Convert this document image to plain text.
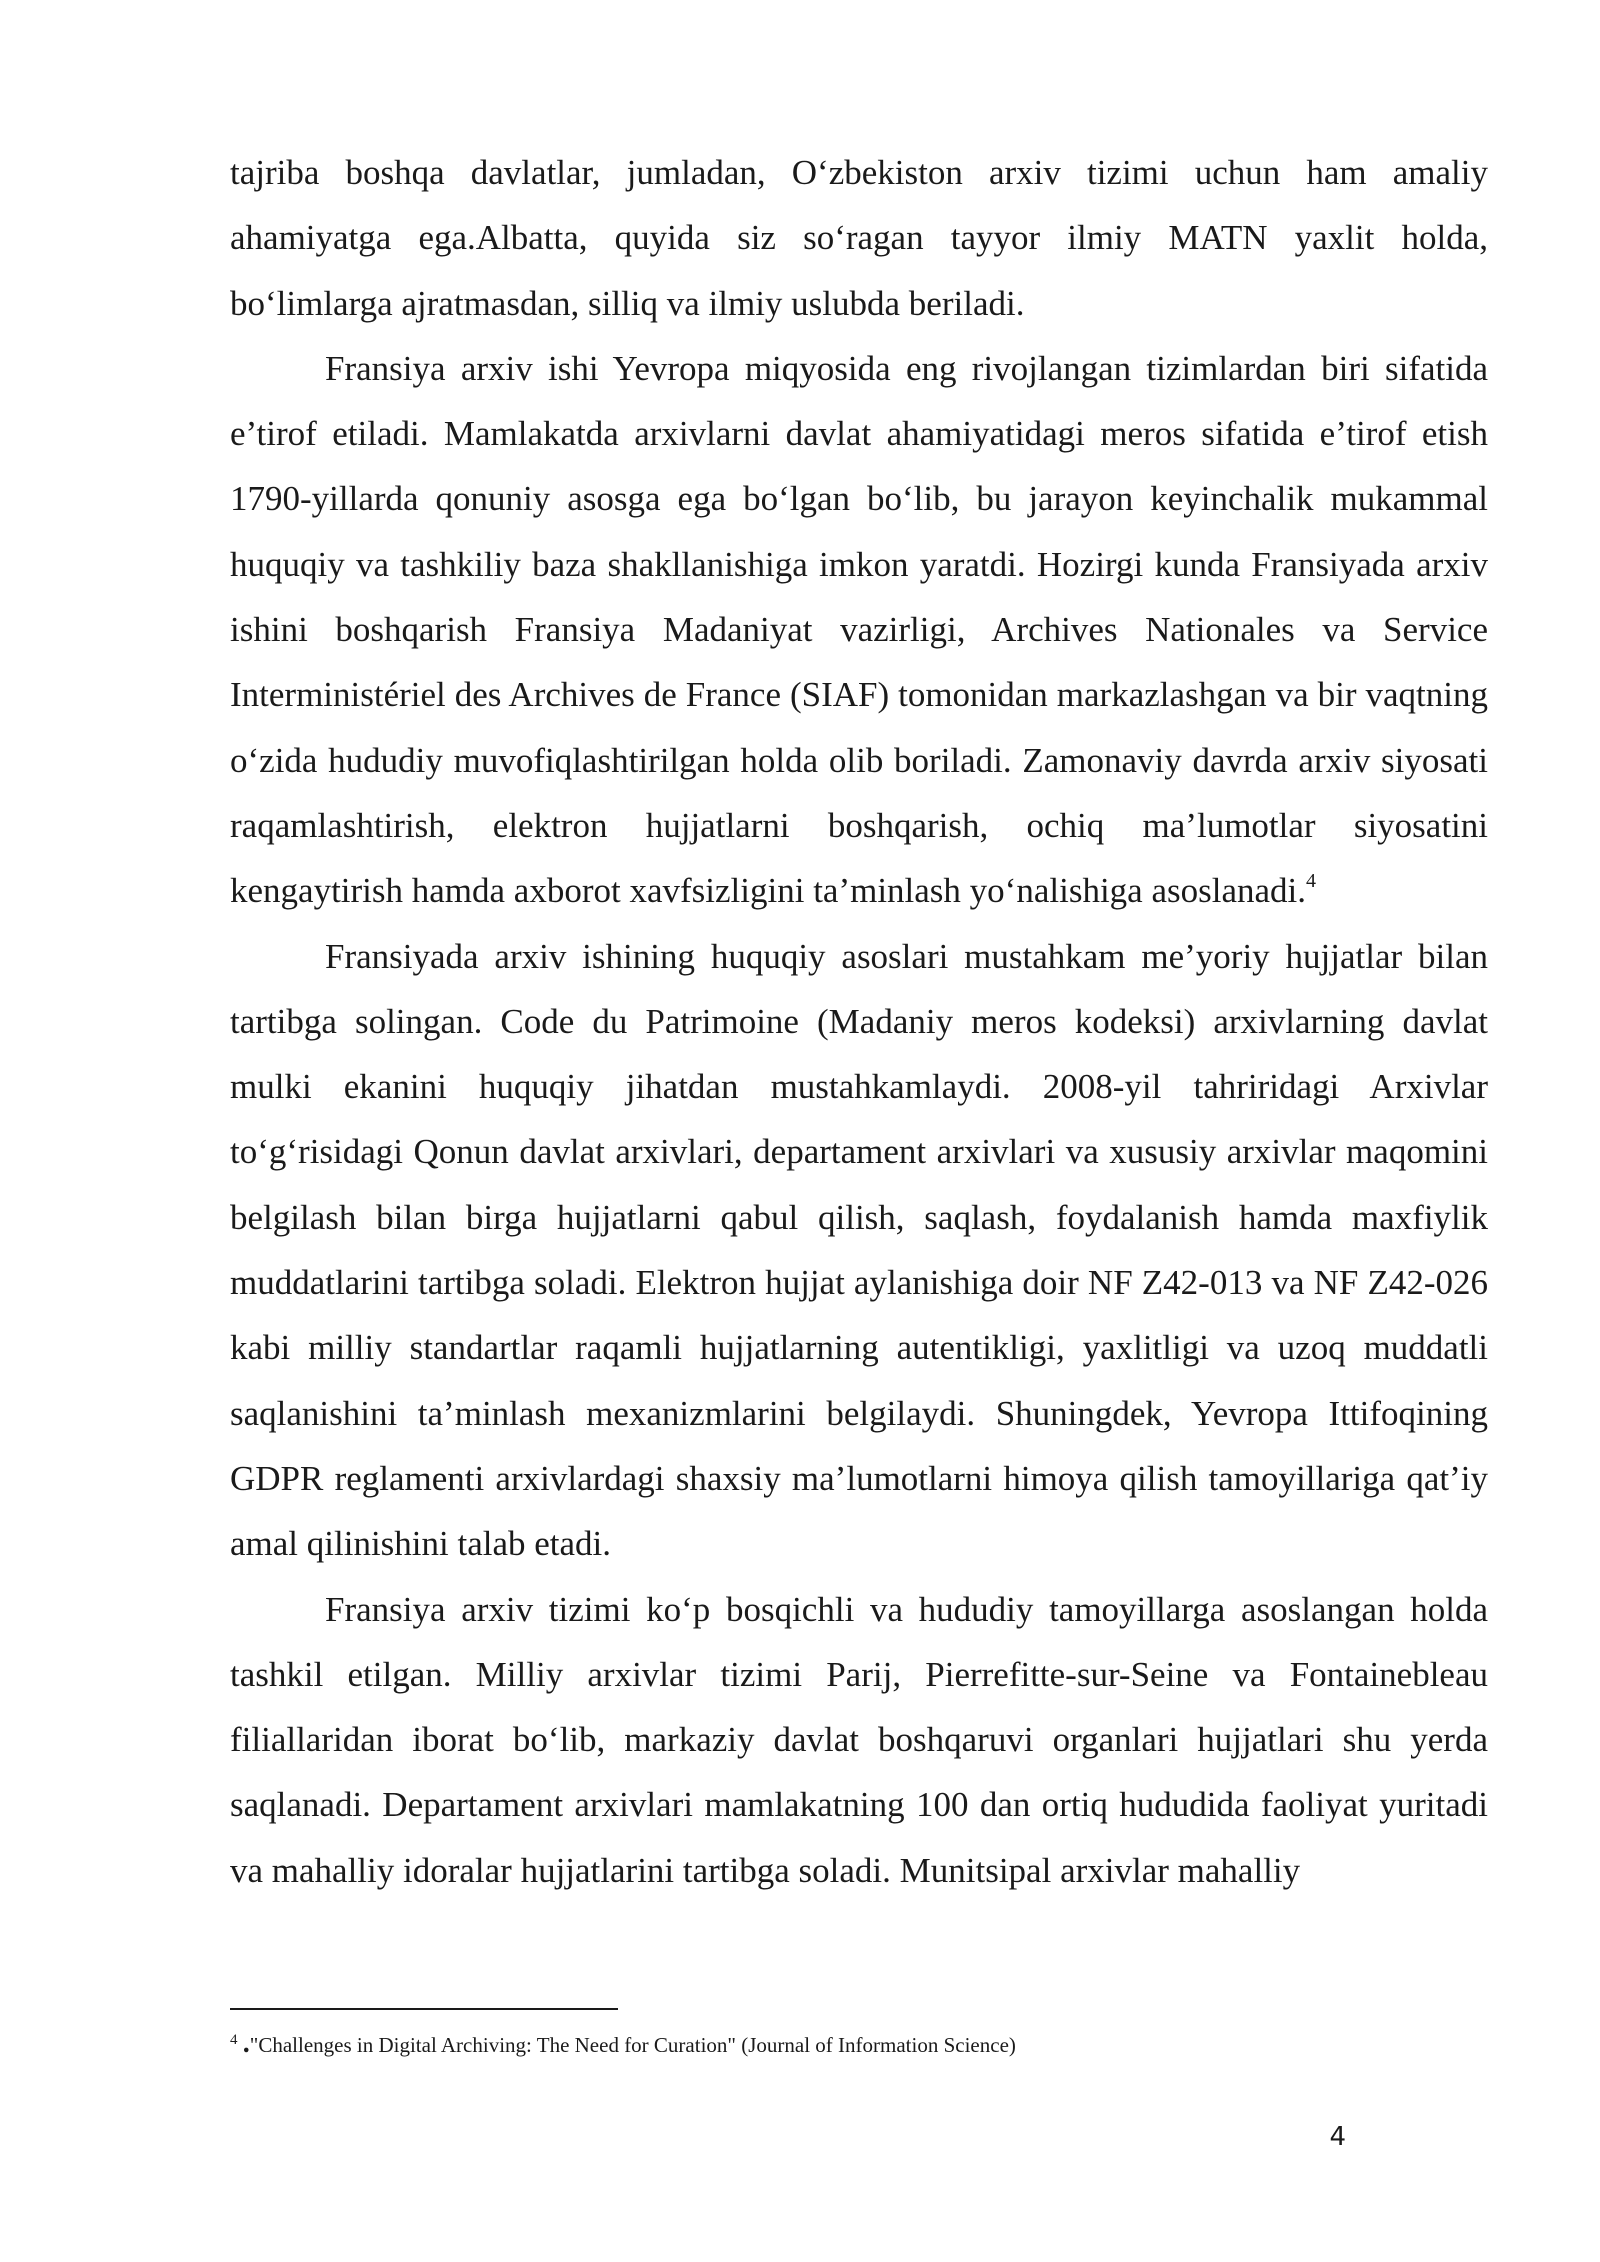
tajriba boshqa davlatlar, jumladan, O‘zbekiston arxiv tizimi uchun ham amaliy ahamiyatga ega.Albatta, quyida siz so‘ragan tayyor ilmiy MATN yaxlit holda, bo‘limlarga ajratmasdan, silliq va ilmiy uslubda beriladi.

Fransiya arxiv ishi Yevropa miqyosida eng rivojlangan tizimlardan biri sifatida e’tirof etiladi. Mamlakatda arxivlarni davlat ahamiyatidagi meros sifatida e’tirof etish 1790-yillarda qonuniy asosga ega bo‘lgan bo‘lib, bu jarayon keyinchalik mukammal huquqiy va tashkiliy baza shakllanishiga imkon yaratdi. Hozirgi kunda Fransiyada arxiv ishini boshqarish Fransiya Madaniyat vazirligi, Archives Nationales va Service Interministériel des Archives de France (SIAF) tomonidan markazlashgan va bir vaqtning o‘zida hududiy muvofiqlashtirilgan holda olib boriladi. Zamonaviy davrda arxiv siyosati raqamlashtirish, elektron hujjatlarni boshqarish, ochiq ma’lumotlar siyosatini kengaytirish hamda axborot xavfsizligini ta’minlash yo‘nalishiga asoslanadi.$^4$

Fransiyada arxiv ishining huquqiy asoslari mustahkam me’yoriy hujjatlar bilan tartibga solingan. Code du Patrimoine (Madaniy meros kodeksi) arxivlarning davlat mulki ekanini huquqiy jihatdan mustahkamlaydi. 2008-yil tahriridagi Arxivlar to‘g‘risidagi Qonun davlat arxivlari, departament arxivlari va xususiy arxivlar maqomini belgilash bilan birga hujjatlarni qabul qilish, saqlash, foydalanish hamda maxfiylik muddatlarini tartibga soladi. Elektron hujjat aylanishiga doir NF Z42-013 va NF Z42-026 kabi milliy standartlar raqamli hujjatlarning autentikligi, yaxlitligi va uzoq muddatli saqlanishini ta’minlash mexanizmlarini belgilaydi. Shuningdek, Yevropa Ittifoqining GDPR reglamenti arxivlardagi shaxsiy ma’lumotlarni himoya qilish tamoyillariga qat’iy amal qilinishini talab etadi.

Fransiya arxiv tizimi ko‘p bosqichli va hududiy tamoyillarga asoslangan holda tashkil etilgan. Milliy arxivlar tizimi Parij, Pierrefitte-sur-Seine va Fontainebleau filiallaridan iborat bo‘lib, markaziy davlat boshqaruvi organlari hujjatlari shu yerda saqlanadi. Departament arxivlari mamlakatning 100 dan ortiq hududida faoliyat yuritadi va mahalliy idoralar hujjatlarini tartibga soladi. Munitsipal arxivlar mahalliy

$^4$ ."Challenges in Digital Archiving: The Need for Curation" (Journal of Information Science)
4
